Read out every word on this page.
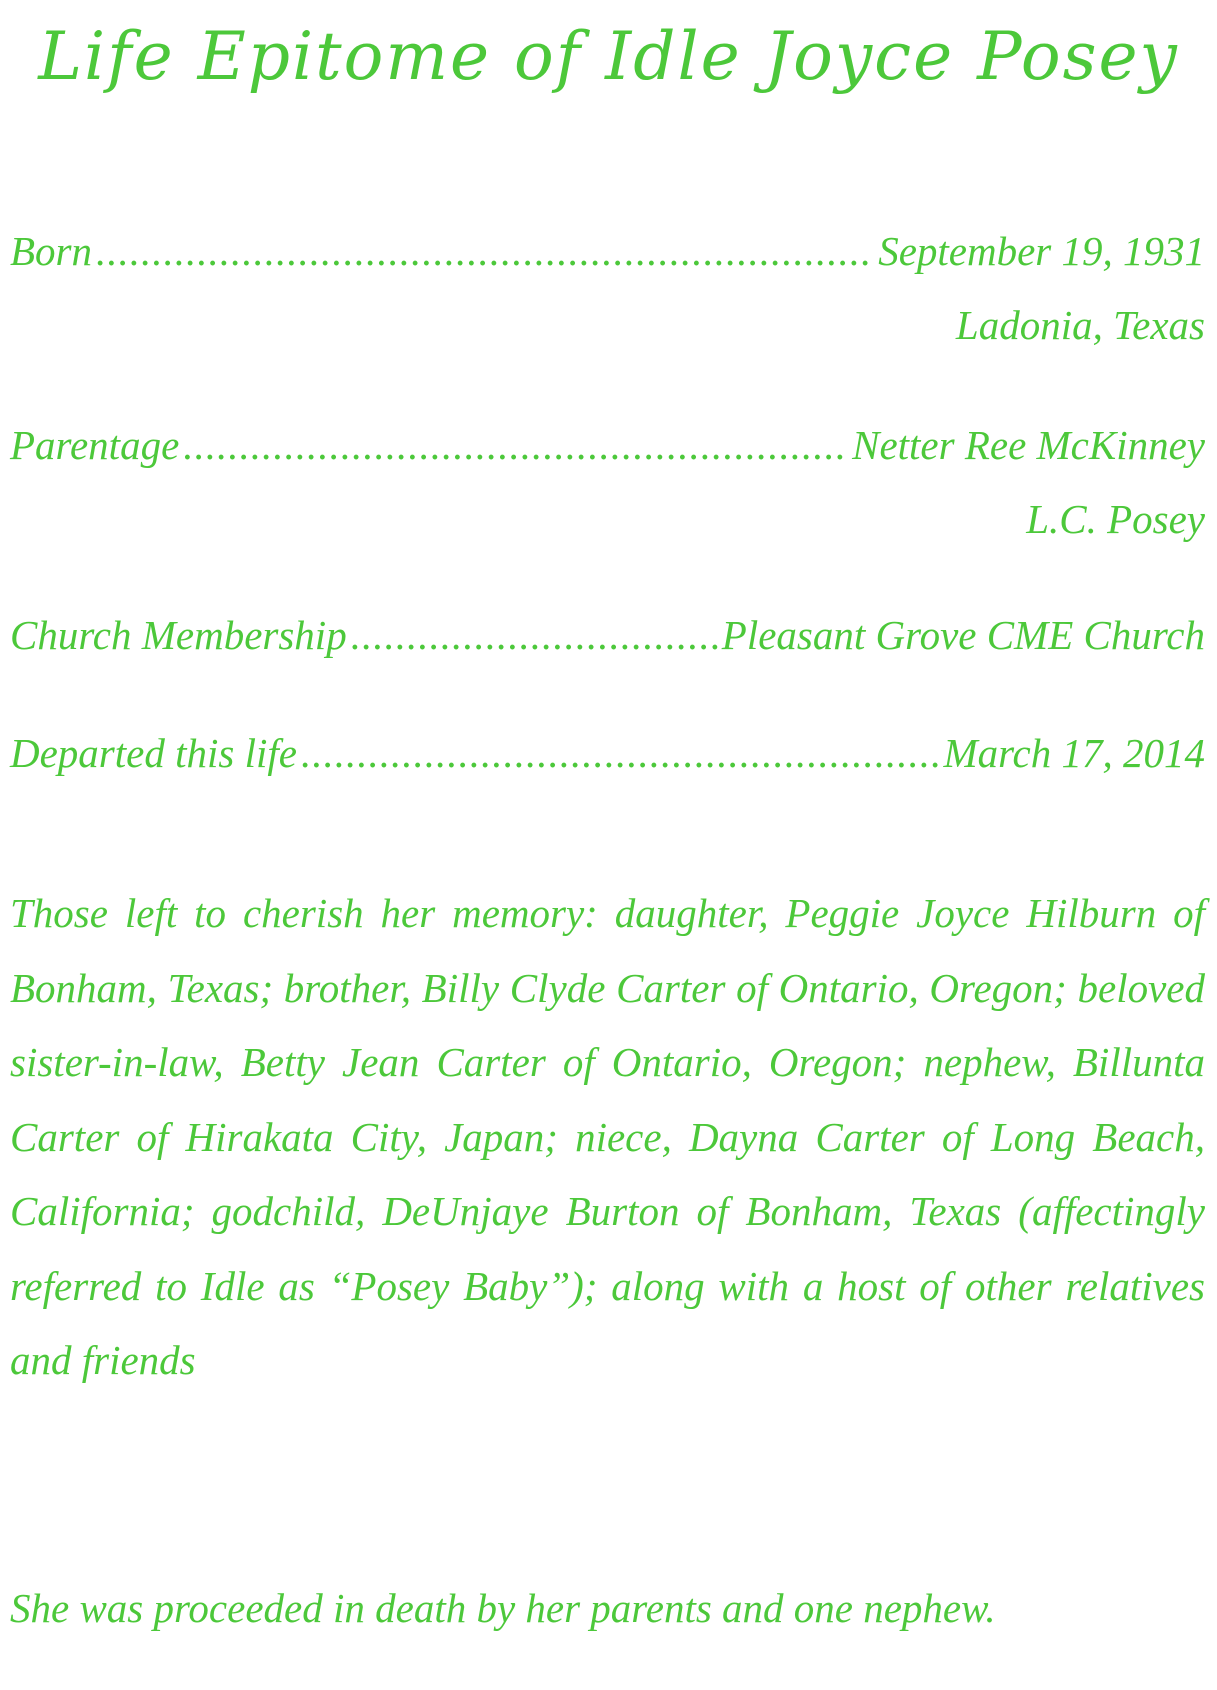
Life Epitome of Idle Joyce Posey
Born .....	September 19, 1931
Ladonia, Texas
Parentage .....	Netter Ree McKinney
L.C. Posey
Church Membership .....	Pleasant Grove CME Church
Departed this life .....	March 17, 2014
Those left to cherish her memory: daughter, Peggie Joyce Hilburn of Bonham, Texas; brother, Billy Clyde Carter of Ontario, Oregon; beloved sister-in-law, Betty Jean Carter of Ontario, Oregon; nephew, Billunta Carter of Hirakata City, Japan; niece, Dayna Carter of Long Beach, California; godchild, DeUnjaye Burton of Bonham, Texas (affectingly referred to Idle as “Posey Baby”); along with a host of other relatives and friends
She was proceeded in death by her parents and one nephew.
